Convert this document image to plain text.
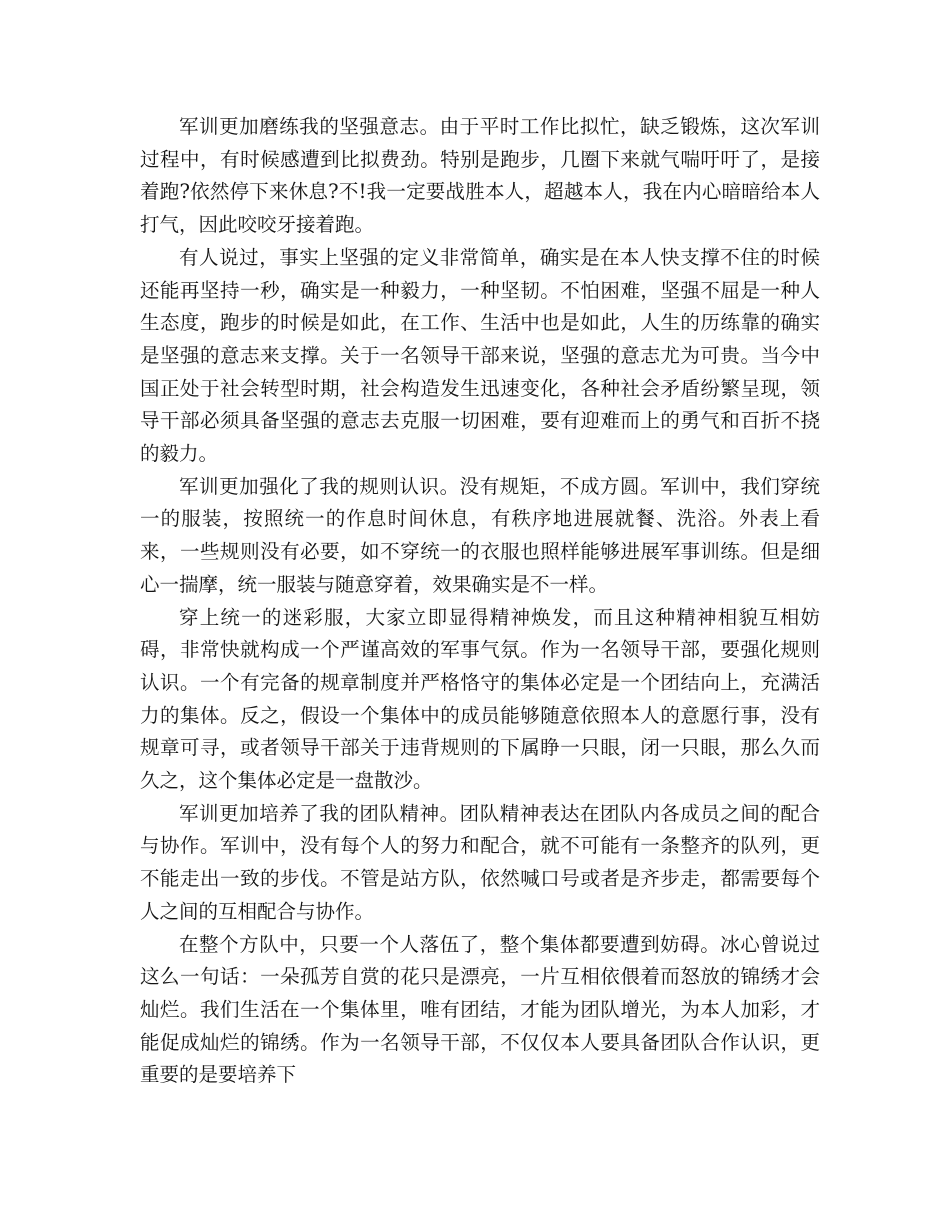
军训更加磨练我的坚强意志。由于平时工作比拟忙，缺乏锻炼，这次军训过程中，有时候感遭到比拟费劲。特别是跑步，几圈下来就气喘吁吁了，是接着跑?依然停下来休息?不!我一定要战胜本人，超越本人，我在内心暗暗给本人打气，因此咬咬牙接着跑。

有人说过，事实上坚强的定义非常简单，确实是在本人快支撑不住的时候还能再坚持一秒，确实是一种毅力，一种坚韧。不怕困难，坚强不屈是一种人生态度，跑步的时候是如此，在工作、生活中也是如此，人生的历练靠的确实是坚强的意志来支撑。关于一名领导干部来说，坚强的意志尤为可贵。当今中国正处于社会转型时期，社会构造发生迅速变化，各种社会矛盾纷繁呈现，领导干部必须具备坚强的意志去克服一切困难，要有迎难而上的勇气和百折不挠的毅力。

军训更加强化了我的规则认识。没有规矩，不成方圆。军训中，我们穿统一的服装，按照统一的作息时间休息，有秩序地进展就餐、洗浴。外表上看来，一些规则没有必要，如不穿统一的衣服也照样能够进展军事训练。但是细心一揣摩，统一服装与随意穿着，效果确实是不一样。

穿上统一的迷彩服，大家立即显得精神焕发，而且这种精神相貌互相妨碍，非常快就构成一个严谨高效的军事气氛。作为一名领导干部，要强化规则认识。一个有完备的规章制度并严格恪守的集体必定是一个团结向上，充满活力的集体。反之，假设一个集体中的成员能够随意依照本人的意愿行事，没有规章可寻，或者领导干部关于违背规则的下属睁一只眼，闭一只眼，那么久而久之，这个集体必定是一盘散沙。

军训更加培养了我的团队精神。团队精神表达在团队内各成员之间的配合与协作。军训中，没有每个人的努力和配合，就不可能有一条整齐的队列，更不能走出一致的步伐。不管是站方队，依然喊口号或者是齐步走，都需要每个人之间的互相配合与协作。

在整个方队中，只要一个人落伍了，整个集体都要遭到妨碍。冰心曾说过这么一句话：一朵孤芳自赏的花只是漂亮，一片互相依偎着而怒放的锦绣才会灿烂。我们生活在一个集体里，唯有团结，才能为团队增光，为本人加彩，才能促成灿烂的锦绣。作为一名领导干部，不仅仅本人要具备团队合作认识，更重要的是要培养下
